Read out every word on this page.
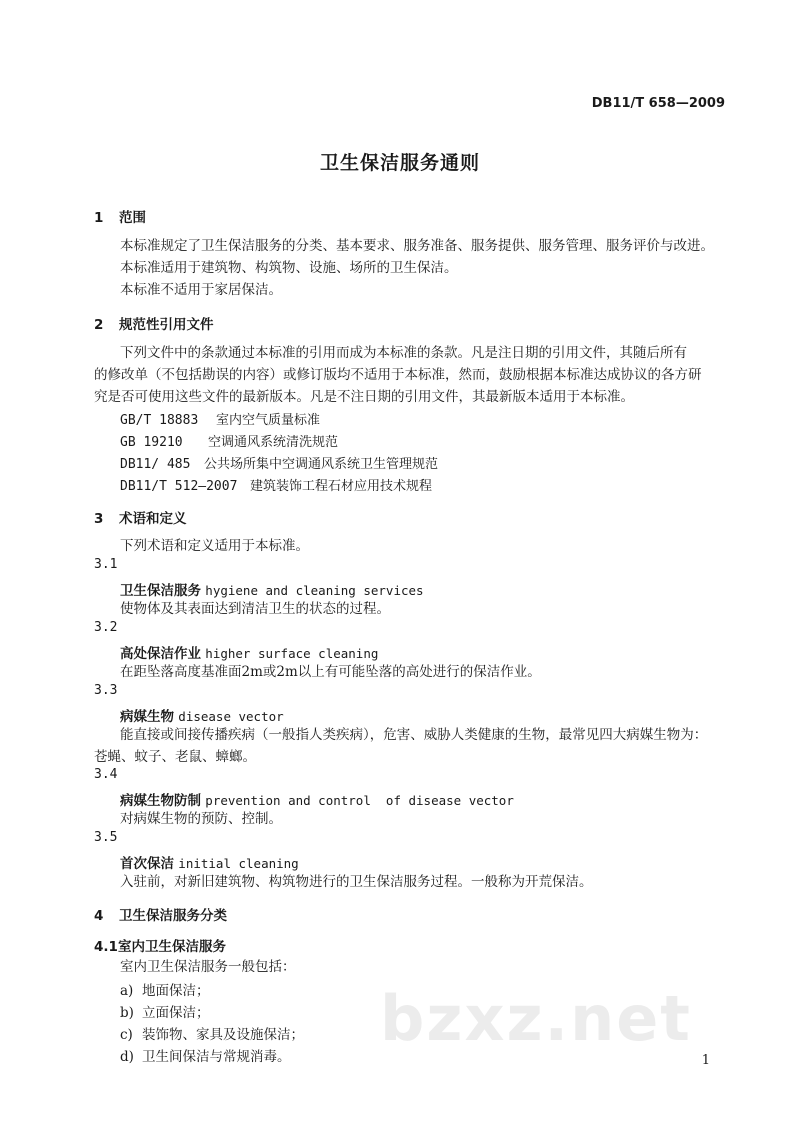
DB11/T 658—2009
卫生保洁服务通则
1 范围
本标准规定了卫生保洁服务的分类、基本要求、服务准备、服务提供、服务管理、服务评价与改进。
本标准适用于建筑物、构筑物、设施、场所的卫生保洁。
本标准不适用于家居保洁。
2 规范性引用文件
下列文件中的条款通过本标准的引用而成为本标准的条款。凡是注日期的引用文件，其随后所有
的修改单（不包括勘误的内容）或修订版均不适用于本标准，然而，鼓励根据本标准达成协议的各方研
究是否可使用这些文件的最新版本。凡是不注日期的引用文件，其最新版本适用于本标准。
GB/T 18883 室内空气质量标准
GB 19210 空调通风系统清洗规范
DB11/ 485 公共场所集中空调通风系统卫生管理规范
DB11/T 512—2007 建筑装饰工程石材应用技术规程
3 术语和定义
下列术语和定义适用于本标准。
3.1
卫生保洁服务 hygiene and cleaning services
使物体及其表面达到清洁卫生的状态的过程。
3.2
高处保洁作业 higher surface cleaning
在距坠落高度基准面2m或2m以上有可能坠落的高处进行的保洁作业。
3.3
病媒生物 disease vector
能直接或间接传播疾病（一般指人类疾病），危害、威胁人类健康的生物，最常见四大病媒生物为：
苍蝇、蚊子、老鼠、蟑螂。
3.4
病媒生物防制 prevention and control  of disease vector
对病媒生物的预防、控制。
3.5
首次保洁 initial cleaning
入驻前，对新旧建筑物、构筑物进行的卫生保洁服务过程。一般称为开荒保洁。
4 卫生保洁服务分类
4.1室内卫生保洁服务
室内卫生保洁服务一般包括：
a) 地面保洁；
b) 立面保洁；
c) 装饰物、家具及设施保洁；
d) 卫生间保洁与常规消毒。
bzxz.net
1
